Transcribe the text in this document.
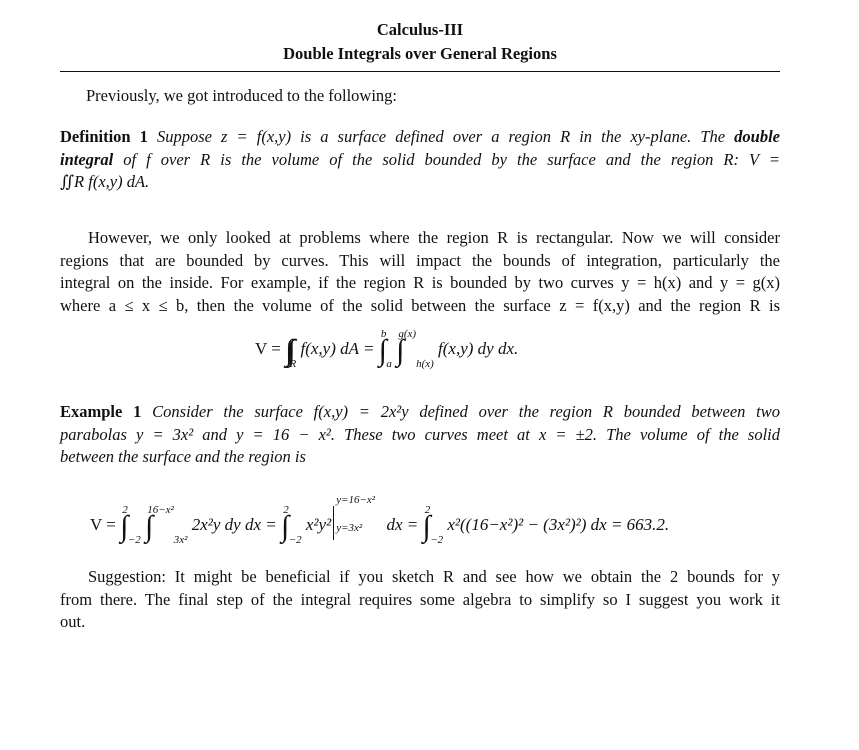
Calculus-III
Double Integrals over General Regions
Previously, we got introduced to the following:
Definition 1 Suppose z = f(x,y) is a surface defined over a region R in the xy-plane. The double
integral of f over R is the volume of the solid bounded by the surface and the region R: V =
∬R f(x,y) dA.
However, we only looked at problems where the region R is rectangular. Now we will consider
regions that are bounded by curves. This will impact the bounds of integration, particularly the
integral on the inside. For example, if the region R is bounded by two curves y = h(x) and y = g(x)
where a ≤ x ≤ b, then the volume of the solid between the surface z = f(x,y) and the region R is
$V = \int\int_R$ f(x,y) dA = ∫$^b_a$ ∫$^{g(x)}_{h(x)}$ f(x,y) dy dx.
Example 1 Consider the surface f(x,y) = 2x²y defined over the region R bounded between two
parabolas y = 3x² and y = 16 − x². These two curves meet at x = ±2. The volume of the solid
between the surface and the region is
V = ∫$^2_{-2}$ ∫$^{16-x^2}_{3x^2}$ 2x²y dy dx = ∫$^2_{-2}$ x²y²
y=16−x²
y=3x² dx = ∫$^2_{-2}$ x²((16−x²)² − (3x²)²) dx = 663.2.
Suggestion: It might be beneficial if you sketch R and see how we obtain the 2 bounds for y
from there. The final step of the integral requires some algebra to simplify so I suggest you work it
out.
